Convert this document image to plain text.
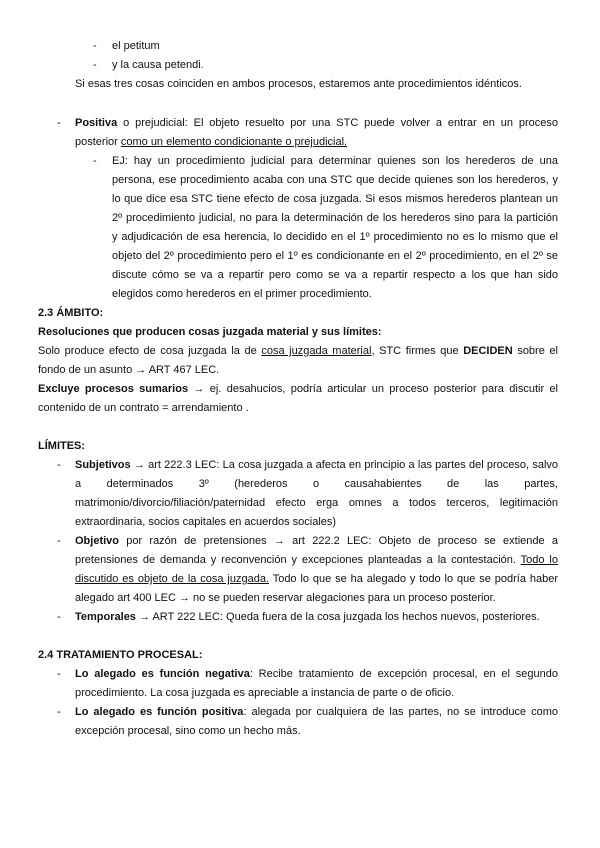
- el petitum
- y la causa petendi.
Si esas tres cosas coinciden en ambos procesos, estaremos ante procedimientos idénticos.
- Positiva o prejudicial: El objeto resuelto por una STC puede volver a entrar en un proceso
posterior como un elemento condicionante o prejudicial.
- EJ: hay un procedimiento judicial para determinar quienes son los herederos de una
persona, ese procedimiento acaba con una STC que decide quienes son los herederos, y
lo que dice esa STC tiene efecto de cosa juzgada. Si esos mismos herederos plantean un
2º procedimiento judicial, no para la determinación de los herederos sino para la partición
y adjudicación de esa herencia, lo decidido en el 1º procedimiento no es lo mismo que el
objeto del 2º procedimiento pero el 1º es condicionante en el 2º procedimiento, en el 2º se
discute cómo se va a repartir pero como se va a repartir respecto a los que han sido
elegidos como herederos en el primer procedimiento.
2.3 ÁMBITO:
Resoluciones que producen cosas juzgada material y sus límites:
Solo produce efecto de cosa juzgada la de cosa juzgada material, STC firmes que DECIDEN sobre el
fondo de un asunto → ART 467 LEC.
Excluye procesos sumarios → ej. desahucios, podría articular un proceso posterior para discutir el
contenido de un contrato = arrendamiento .
LÍMITES:
- Subjetivos → art 222.3 LEC: La cosa juzgada a afecta en principio a las partes del proceso, salvo
a determinados 3º (herederos o causahabientes de las partes,
matrimonio/divorcio/filiación/paternidad efecto erga omnes a todos terceros, legitimación
extraordinaria, socios capitales en acuerdos sociales)
- Objetivo por razón de pretensiones → art 222.2 LEC: Objeto de proceso se extiende a
pretensiones de demanda y reconvención y excepciones planteadas a la contestación. Todo lo
discutido es objeto de la cosa juzgada. Todo lo que se ha alegado y todo lo que se podría haber
alegado art 400 LEC → no se pueden reservar alegaciones para un proceso posterior.
- Temporales → ART 222 LEC: Queda fuera de la cosa juzgada los hechos nuevos, posteriores.
2.4 TRATAMIENTO PROCESAL:
- Lo alegado es función negativa: Recibe tratamiento de excepción procesal, en el segundo
procedimiento. La cosa juzgada es apreciable a instancia de parte o de oficio.
- Lo alegado es función positiva: alegada por cualquiera de las partes, no se introduce como
excepción procesal, sino como un hecho más.
